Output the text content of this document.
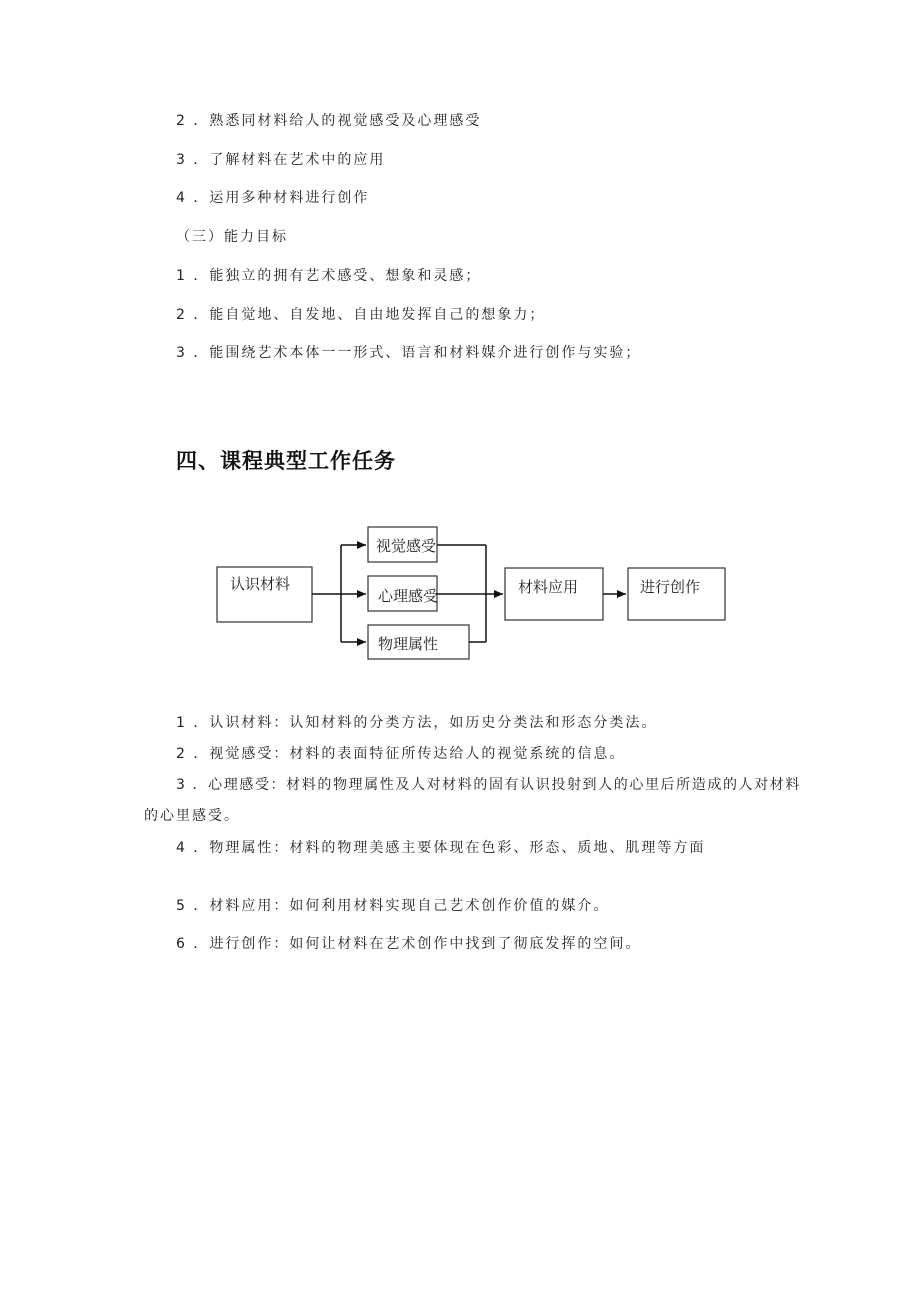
2 ．熟悉同材料给人的视觉感受及心理感受
3 ．了解材料在艺术中的应用
4 ．运用多种材料进行创作
（三）能力目标
1 ．能独立的拥有艺术感受、想象和灵感；
2 ．能自觉地、自发地、自由地发挥自己的想象力；
3 ．能围绕艺术本体一一形式、语言和材料媒介进行创作与实验；
四、课程典型工作任务
认识材料
视觉感受
心理感受
物理属性
材料应用	进行创作
1 ．认识材料：认知材料的分类方法，如历史分类法和形态分类法。
2 ．视觉感受：材料的表面特征所传达给人的视觉系统的信息。
3 ．心理感受：材料的物理属性及人对材料的固有认识投射到人的心里后所造成的人对材料
的心里感受。
4 ．物理属性：材料的物理美感主要体现在色彩、形态、质地、肌理等方面
5 ．材料应用：如何利用材料实现自己艺术创作价值的媒介。
6 ．进行创作：如何让材料在艺术创作中找到了彻底发挥的空间。
